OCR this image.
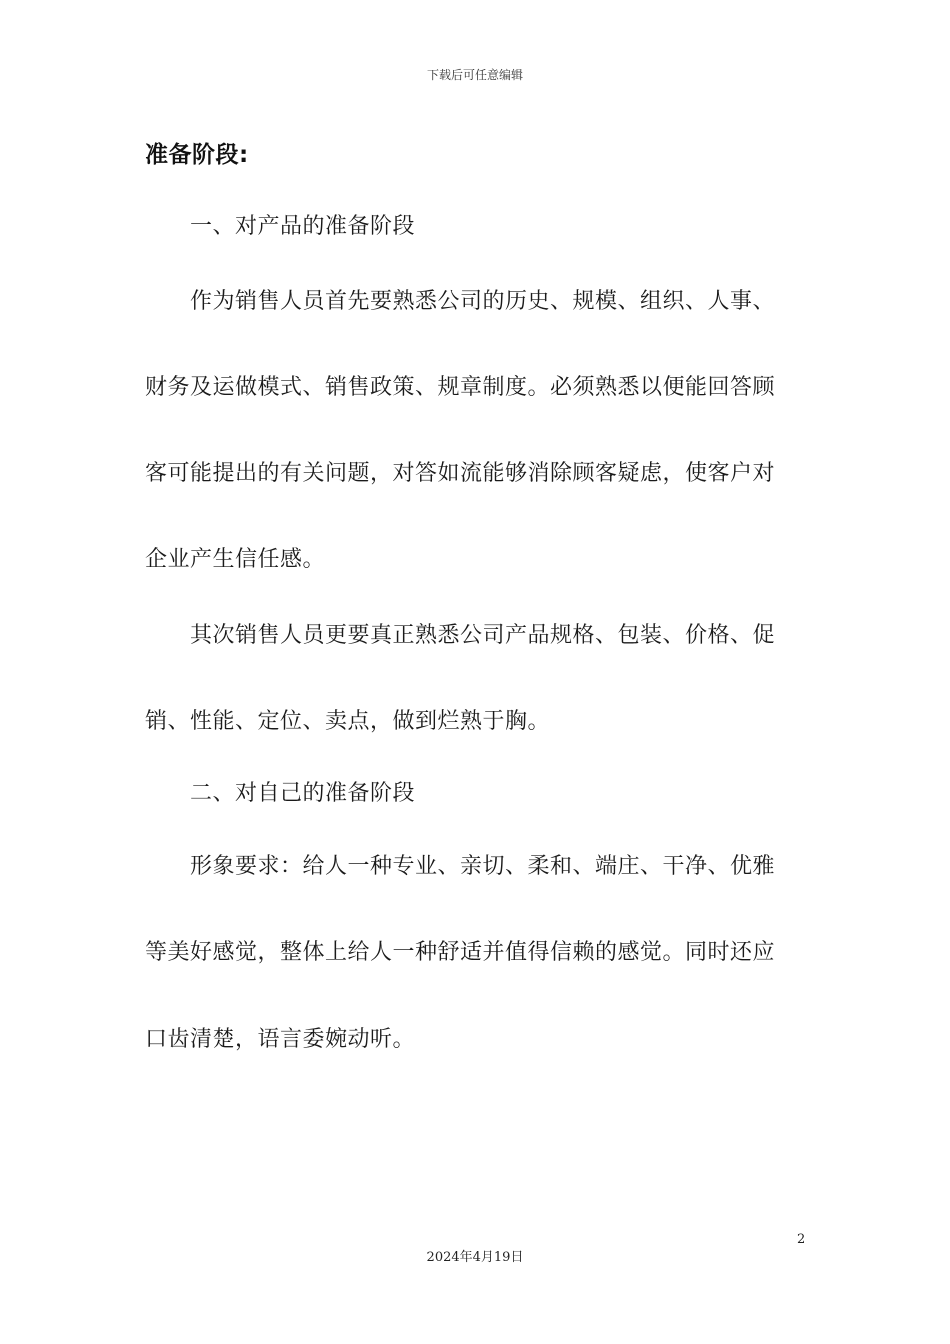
下载后可任意编辑
准备阶段:
一、对产品的准备阶段
作为销售人员首先要熟悉公司的历史、规模、组织、人事、
财务及运做模式、销售政策、规章制度。必须熟悉以便能回答顾
客可能提出的有关问题，对答如流能够消除顾客疑虑，使客户对
企业产生信任感。
其次销售人员更要真正熟悉公司产品规格、包装、价格、促
销、性能、定位、卖点，做到烂熟于胸。
二、对自己的准备阶段
形象要求：给人一种专业、亲切、柔和、端庄、干净、优雅
等美好感觉，整体上给人一种舒适并值得信赖的感觉。同时还应
口齿清楚，语言委婉动听。
2
2024年4月19日
